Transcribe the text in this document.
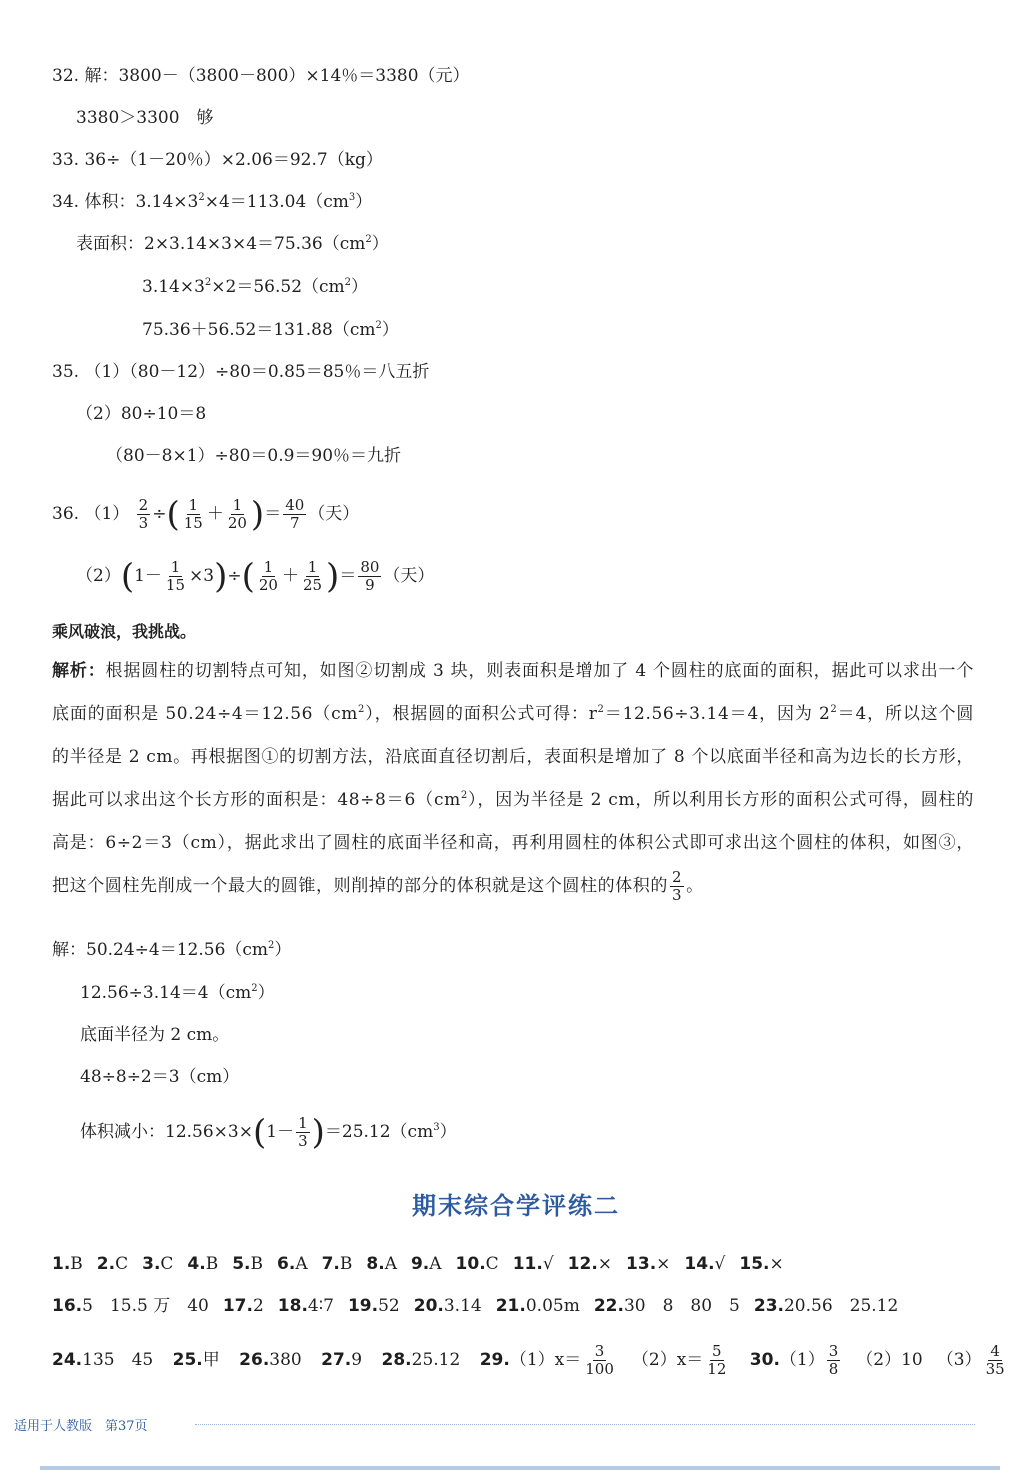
32. 解：3800－（3800－800）×14％＝3380（元）
3380＞3300　够
33. 36÷（1－20％）×2.06＝92.7（kg）
34. 体积：$3.14\times 3^2\times 4=113.04(cm^3)$
表面积：$2\times 3.14\times 3\times 4=75.36(cm^2)$
$3.14\times 3^2\times 2=56.52(cm^2)$
$75.36+56.52=131.88(cm^2)$
35. （1）（80－12）÷80＝0.85＝85％＝八五折
（2）80÷10＝8
（80－8×1）÷80＝0.9＝90％＝九折
36. $(1) \frac{2}{3}$ ÷( $\frac{1}{15} + \frac{1}{20}$ )＝ $\frac{40}{7}$ （天）
$(2)(1- \frac{1}{15} \times 3)\div( \frac{1}{20} + \frac{1}{25}$ )＝ $\frac{80}{9}$ （天）
乘风破浪，我挑战。
解析：根据圆柱的切割特点可知，如图②切割成 3 块，则表面积是增加了 4 个圆柱的底面的面积，据此可以求出一个底面的面积是 $50.24\div 4=12.56(cm^2)$，根据圆的面积公式可得：$r^2=12.56\div 3.14=4$，因为 $2^2=4$，所以这个圆的半径是 2 cm。再根据图①的切割方法，沿底面直径切割后，表面积是增加了 8 个以底面半径和高为边长的长方形，据此可以求出这个长方形的面积是：$48\div 8=6(cm^2)$，因为半径是 2 cm，所以利用长方形的面积公式可得，圆柱的高是：6÷2＝3（cm），据此求出了圆柱的底面半径和高，再利用圆柱的体积公式即可求出这个圆柱的体积，如图③，把这个圆柱先削成一个最大的圆锥，则削掉的部分的体积就是这个圆柱的体积的 $\frac{2}{3}$ 。
解：$50.24\div 4=12.56(cm^2)$
$12.56\div 3.14=4(cm^2)$
底面半径为 2 cm。
48÷8÷2＝3（cm）
体积减小：$12.56\times 3\times(1- \frac{1}{3} )=25.12(cm^3)$
期末综合学评练二
1.B 2.C 3.C 4.B 5.B 6.A 7.B 8.A 9.A 10.C 11.√ 12.× 13.× 14.√ 15.×
16.5　15.5 万　40 17.2 18.4∶7 19.52 20.3.14 21.0.05m 22.30　8　80　5 23.20.56　25.12
24.135　45 25.甲 26.380 27.9 28.25.12 $29.(1)x= \frac{3}{100} (2)x= \frac{5}{12} 30.(1) \frac{3}{8} (2)10$ $(3) \frac{4}{35}$
适用于人教版　第37页
